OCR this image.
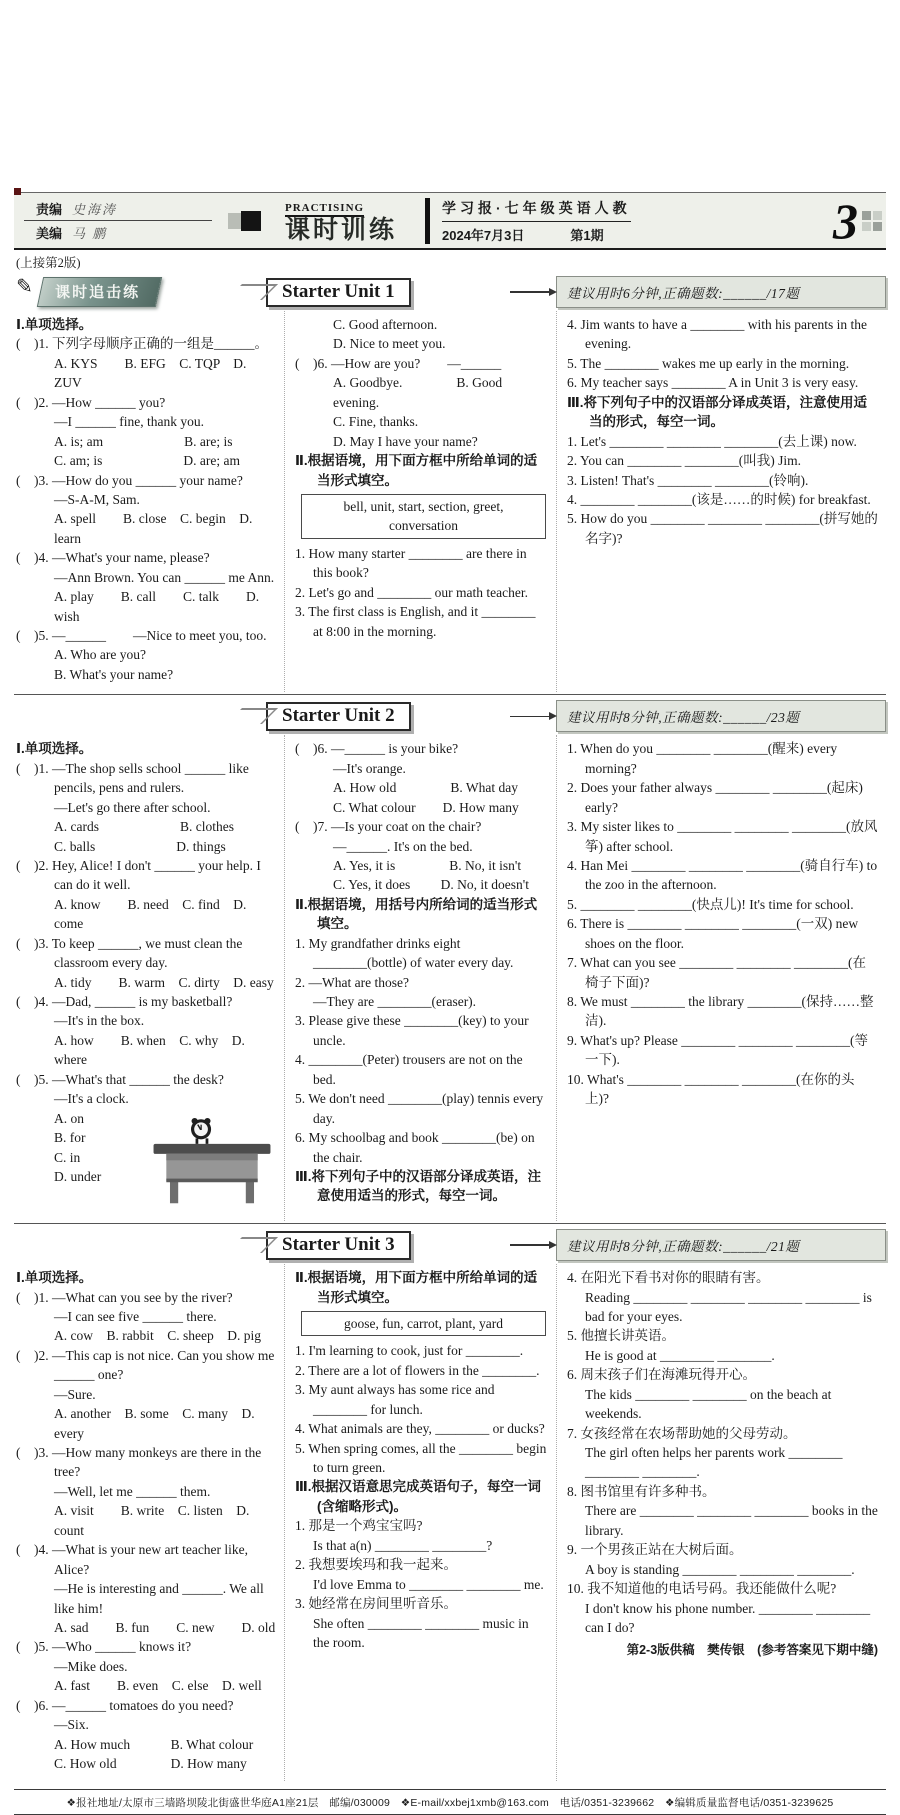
责编 史海涛
美编 马 鹏
PRACTISING
课时训练
学习报·七年级英语人教
2024年7月3日	第1期	3
(上接第2版)
✎ 课时追击练	Starter Unit 1	建议用时6分钟,正确题数:______/17题
Ⅰ.单项选择。
(　)1. 下列字母顺序正确的一组是______。
A. KYS　　B. EFG　C. TQP　D. ZUV
(　)2. —How ______ you?
—I ______ fine, thank you.
A. is; am　　　　　　B. are; is
C. am; is　　　　　　D. are; am
(　)3. —How do you ______ your name?
—S-A-M, Sam.
A. spell　　B. close　C. begin　D. learn
(　)4. —What's your name, please?
—Ann Brown. You can ______ me Ann.
A. play　　B. call　　C. talk　　D. wish
(　)5. —______　　—Nice to meet you, too.
A. Who are you?
B. What's your name?
C. Good afternoon.
D. Nice to meet you.
(　)6. —How are you?　　—______
A. Goodbye.　　　　B. Good evening.
C. Fine, thanks.
D. May I have your name?
Ⅱ.根据语境，用下面方框中所给单词的适当形式填空。
bell, unit, start, section, greet, conversation
1. How many starter ________ are there in this book?
2. Let's go and ________ our math teacher.
3. The first class is English, and it ________ at 8:00 in the morning.
4. Jim wants to have a ________ with his parents in the evening.
5. The ________ wakes me up early in the morning.
6. My teacher says ________ A in Unit 3 is very easy.
Ⅲ.将下列句子中的汉语部分译成英语，注意使用适当的形式，每空一词。
1. Let's ________ ________ ________(去上课) now.
2. You can ________ ________(叫我) Jim.
3. Listen! That's ________ ________(铃响).
4. ________ ________(该是……的时候) for breakfast.
5. How do you ________ ________ ________(拼写她的名字)?
Starter Unit 2	建议用时8分钟,正确题数:______/23题
Ⅰ.单项选择。
(　)1. —The shop sells school ______ like pencils, pens and rulers.
—Let's go there after school.
A. cards　　　　　　B. clothes
C. balls　　　　　　D. things
(　)2. Hey, Alice! I don't ______ your help. I can do it well.
A. know　　B. need　C. find　D. come
(　)3. To keep ______, we must clean the classroom every day.
A. tidy　　B. warm　C. dirty　D. easy
(　)4. —Dad, ______ is my basketball?
—It's in the box.
A. how　　B. when　C. why　D. where
(　)5. —What's that ______ the desk?
—It's a clock.
A. on
B. for
C. in
D. under
(　)6. —______ is your bike?
—It's orange.
A. How old　　　　B. What day
C. What colour　　D. How many
(　)7. —Is your coat on the chair?
—______. It's on the bed.
A. Yes, it is　　　　B. No, it isn't
C. Yes, it does　　 D. No, it doesn't
Ⅱ.根据语境，用括号内所给词的适当形式填空。
1. My grandfather drinks eight ________(bottle) of water every day.
2. —What are those?
—They are ________(eraser).
3. Please give these ________(key) to your uncle.
4. ________(Peter) trousers are not on the bed.
5. We don't need ________(play) tennis every day.
6. My schoolbag and book ________(be) on the chair.
Ⅲ.将下列句子中的汉语部分译成英语，注意使用适当的形式，每空一词。
1. When do you ________ ________(醒来) every morning?
2. Does your father always ________ ________(起床) early?
3. My sister likes to ________ ________ ________(放风筝) after school.
4. Han Mei ________ ________ ________(骑自行车) to the zoo in the afternoon.
5. ________ ________(快点儿)! It's time for school.
6. There is ________ ________ ________(一双) new shoes on the floor.
7. What can you see ________ ________ ________(在椅子下面)?
8. We must ________ the library ________(保持……整洁).
9. What's up? Please ________ ________ ________(等一下).
10. What's ________ ________ ________(在你的头上)?
Starter Unit 3	建议用时8分钟,正确题数:______/21题
Ⅰ.单项选择。
(　)1. —What can you see by the river?
—I can see five ______ there.
A. cow　B. rabbit　C. sheep　D. pig
(　)2. —This cap is not nice. Can you show me ______ one?
—Sure.
A. another　B. some　C. many　D. every
(　)3. —How many monkeys are there in the tree?
—Well, let me ______ them.
A. visit　　B. write　C. listen　D. count
(　)4. —What is your new art teacher like, Alice?
—He is interesting and ______. We all like him!
A. sad　　B. fun　　C. new　　D. old
(　)5. —Who ______ knows it?
—Mike does.
A. fast　　B. even　C. else　D. well
(　)6. —______ tomatoes do you need?
—Six.
A. How much　　　B. What colour
C. How old　　　　D. How many
Ⅱ.根据语境，用下面方框中所给单词的适当形式填空。
goose, fun, carrot, plant, yard
1. I'm learning to cook, just for ________.
2. There are a lot of flowers in the ________.
3. My aunt always has some rice and ________ for lunch.
4. What animals are they, ________ or ducks?
5. When spring comes, all the ________ begin to turn green.
Ⅲ.根据汉语意思完成英语句子，每空一词(含缩略形式)。
1. 那是一个鸡宝宝吗?
Is that a(n) ________ ________?
2. 我想要埃玛和我一起来。
I'd love Emma to ________ ________ me.
3. 她经常在房间里听音乐。
She often ________ ________ music in the room.
4. 在阳光下看书对你的眼睛有害。
Reading ________ ________ ________ ________ is bad for your eyes.
5. 他擅长讲英语。
He is good at ________ ________.
6. 周末孩子们在海滩玩得开心。
The kids ________ ________ on the beach at weekends.
7. 女孩经常在农场帮助她的父母劳动。
The girl often helps her parents work ________ ________ ________.
8. 图书馆里有许多种书。
There are ________ ________ ________ books in the library.
9. 一个男孩正站在大树后面。
A boy is standing ________ ________ ________.
10. 我不知道他的电话号码。我还能做什么呢?
I don't know his phone number. ________ ________ can I do?
第2-3版供稿　樊传银　(参考答案见下期中缝)
❖报社地址/太原市三墙路坝陵北街盛世华庭A1座21层　邮编/030009　❖E-mail/xxbej1xmb@163.com　电话/0351-3239662　❖编辑质量监督电话/0351-3239625
